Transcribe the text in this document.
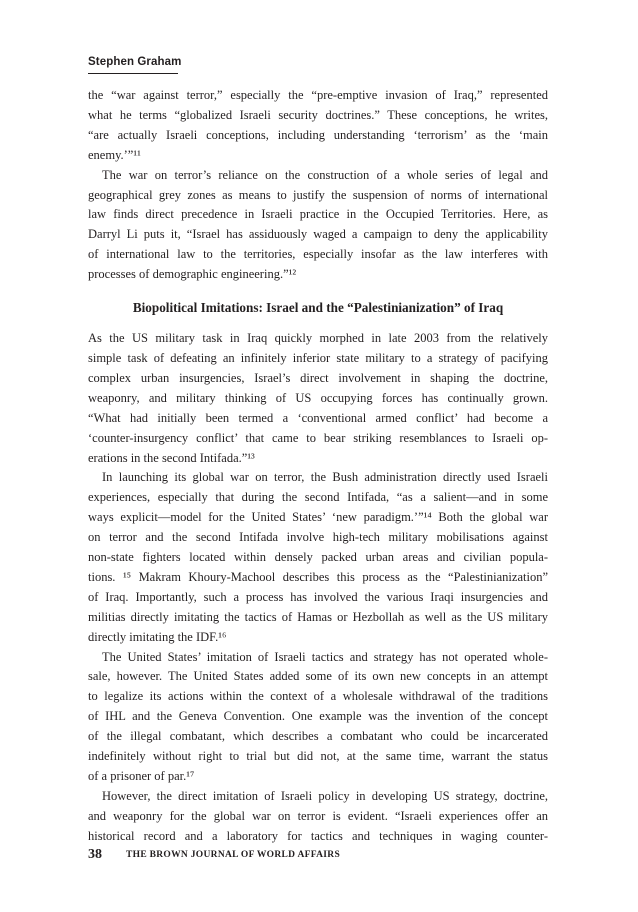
Stephen Graham
the “war against terror,” especially the “pre-emptive invasion of Iraq,” represented
what he terms “globalized Israeli security doctrines.” These conceptions, he writes,
“are actually Israeli conceptions, including understanding ‘terrorism’ as the ‘main
enemy.’”¹¹
The war on terror’s reliance on the construction of a whole series of legal and
geographical grey zones as means to justify the suspension of norms of international
law finds direct precedence in Israeli practice in the Occupied Territories. Here, as
Darryl Li puts it, “Israel has assiduously waged a campaign to deny the applicability
of international law to the territories, especially insofar as the law interferes with
processes of demographic engineering.”¹²
Biopolitical Imitations: Israel and the “Palestinianization” of Iraq
As the US military task in Iraq quickly morphed in late 2003 from the relatively
simple task of defeating an infinitely inferior state military to a strategy of pacifying
complex urban insurgencies, Israel’s direct involvement in shaping the doctrine,
weaponry, and military thinking of US occupying forces has continually grown.
“What had initially been termed a ‘conventional armed conflict’ had become a
‘counter-insurgency conflict’ that came to bear striking resemblances to Israeli op-
erations in the second Intifada.”¹³
In launching its global war on terror, the Bush administration directly used Israeli
experiences, especially that during the second Intifada, “as a salient—and in some
ways explicit—model for the United States’ ‘new paradigm.’”¹⁴ Both the global war
on terror and the second Intifada involve high-tech military mobilisations against
non-state fighters located within densely packed urban areas and civilian popula-
tions. ¹⁵ Makram Khoury-Machool describes this process as the “Palestinianization”
of Iraq. Importantly, such a process has involved the various Iraqi insurgencies and
militias directly imitating the tactics of Hamas or Hezbollah as well as the US military
directly imitating the IDF.¹⁶
The United States’ imitation of Israeli tactics and strategy has not operated whole-
sale, however. The United States added some of its own new concepts in an attempt
to legalize its actions within the context of a wholesale withdrawal of the traditions
of IHL and the Geneva Convention. One example was the invention of the concept
of the illegal combatant, which describes a combatant who could be incarcerated
indefinitely without right to trial but did not, at the same time, warrant the status
of a prisoner of par.¹⁷
However, the direct imitation of Israeli policy in developing US strategy, doctrine,
and weaponry for the global war on terror is evident. “Israeli experiences offer an
historical record and a laboratory for tactics and techniques in waging counter-
38	THE BROWN JOURNAL OF WORLD AFFAIRS
